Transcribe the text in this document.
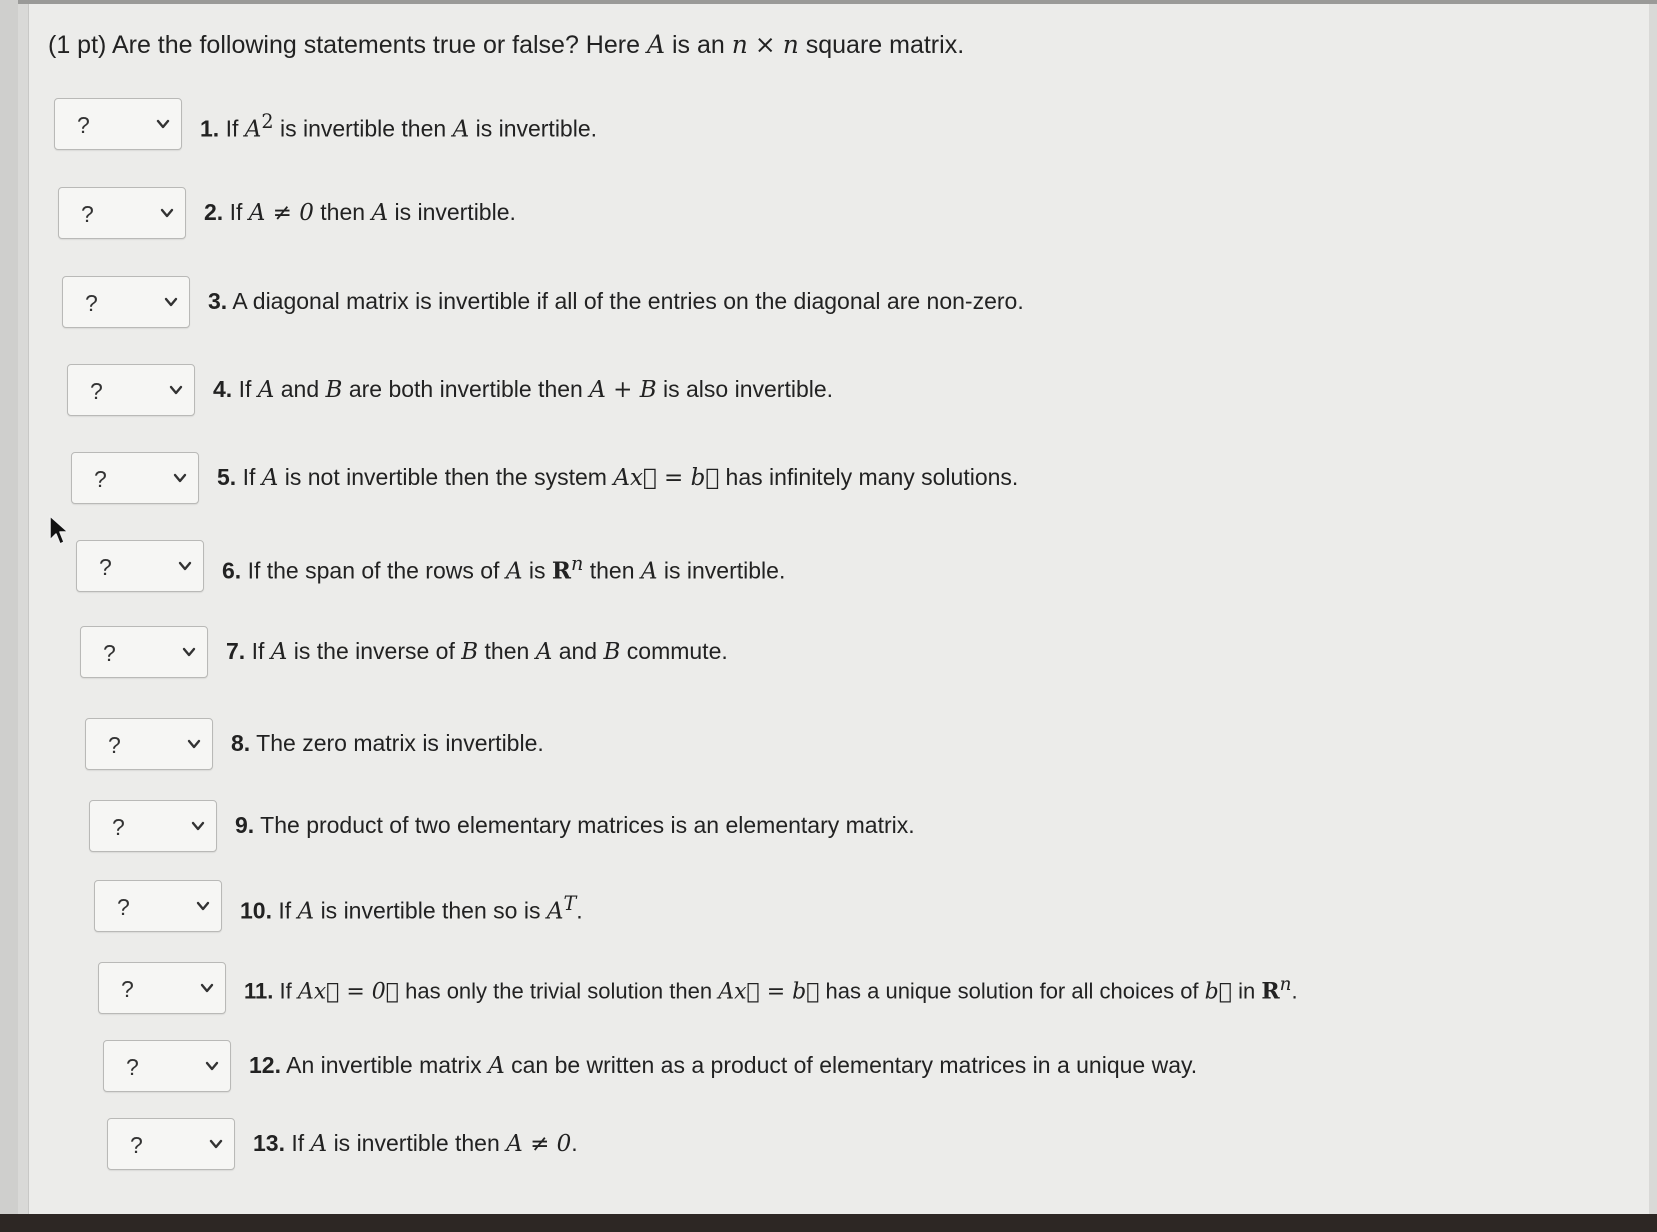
(1 pt) Are the following statements true or false? Here A is an n × n square matrix.
?	1. If $A^2$ is invertible then A is invertible.
?	2. If A ≠ 0 then A is invertible.
?	3. A diagonal matrix is invertible if all of the entries on the diagonal are non-zero.
?	4. If A and B are both invertible then A + B is also invertible.
?	5. If A is not invertible then the system Ax⃗ = b⃗ has infinitely many solutions.
?	6. If the span of the rows of A is $R^n$ then A is invertible.
?	7. If A is the inverse of B then A and B commute.
?	8. The zero matrix is invertible.
?	9. The product of two elementary matrices is an elementary matrix.
?	10. If A is invertible then so is $A^T$.
?	11. If Ax⃗ = 0⃗ has only the trivial solution then Ax⃗ = b⃗ has a unique solution for all choices of b⃗ in $R^n$.
?	12. An invertible matrix A can be written as a product of elementary matrices in a unique way.
?	13. If A is invertible then A ≠ 0.
